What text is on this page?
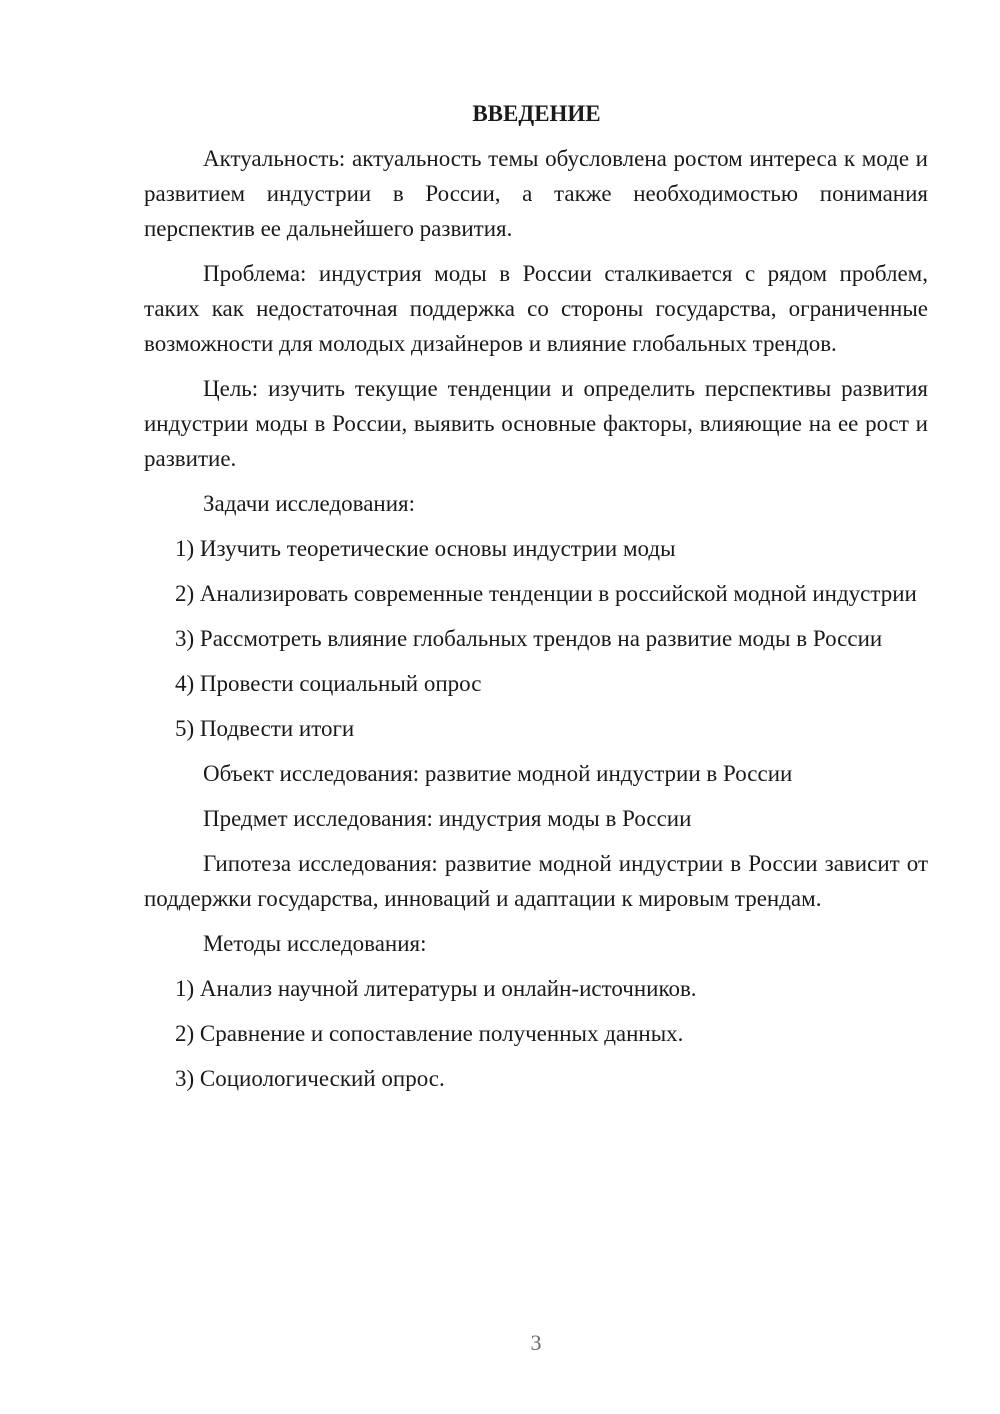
ВВЕДЕНИЕ

Актуальность: актуальность темы обусловлена ростом интереса к моде и развитием индустрии в России, а также необходимостью понимания перспектив ее дальнейшего развития.

Проблема: индустрия моды в России сталкивается с рядом проблем, таких как недостаточная поддержка со стороны государства, ограниченные возможности для молодых дизайнеров и влияние глобальных трендов.

Цель: изучить текущие тенденции и определить перспективы развития индустрии моды в России, выявить основные факторы, влияющие на ее рост и развитие.

Задачи исследования:

1) Изучить теоретические основы индустрии моды

2) Анализировать современные тенденции в российской модной индустрии

3) Рассмотреть влияние глобальных трендов на развитие моды в России

4) Провести социальный опрос

5) Подвести итоги

Объект исследования: развитие модной индустрии в России

Предмет исследования: индустрия моды в России

Гипотеза исследования: развитие модной индустрии в России зависит от поддержки государства, инноваций и адаптации к мировым трендам.

Методы исследования:

1) Анализ научной литературы и онлайн-источников.

2) Сравнение и сопоставление полученных данных.

3) Социологический опрос.

3
